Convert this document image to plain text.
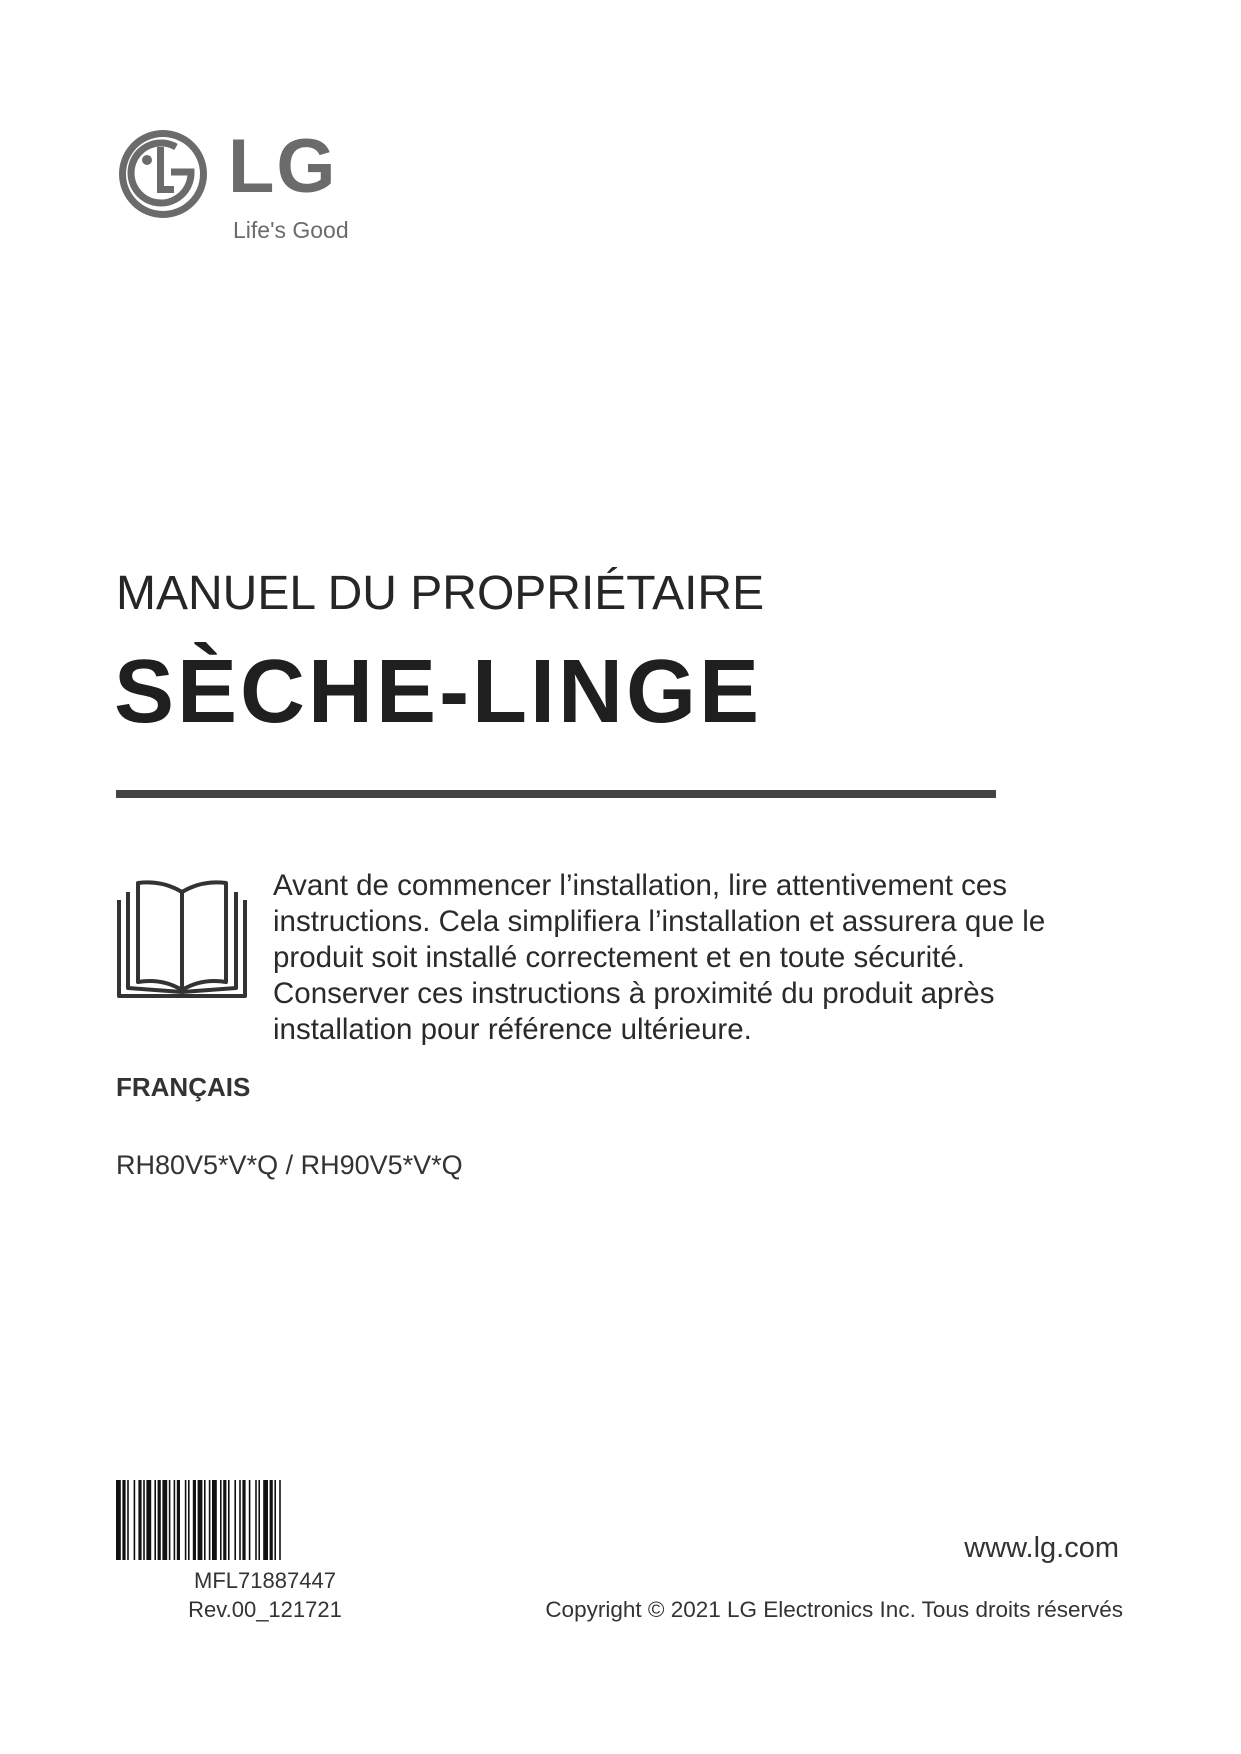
LG
Life's Good
MANUEL DU PROPRIÉTAIRE
SÈCHE-LINGE
Avant de commencer l’installation, lire attentivement ces
instructions. Cela simplifiera l’installation et assurera que le
produit soit installé correctement et en toute sécurité.
Conserver ces instructions à proximité du produit après
installation pour référence ultérieure.
FRANÇAIS
RH80V5*V*Q / RH90V5*V*Q
MFL71887447
Rev.00_121721
www.lg.com
Copyright © 2021 LG Electronics Inc. Tous droits réservés
